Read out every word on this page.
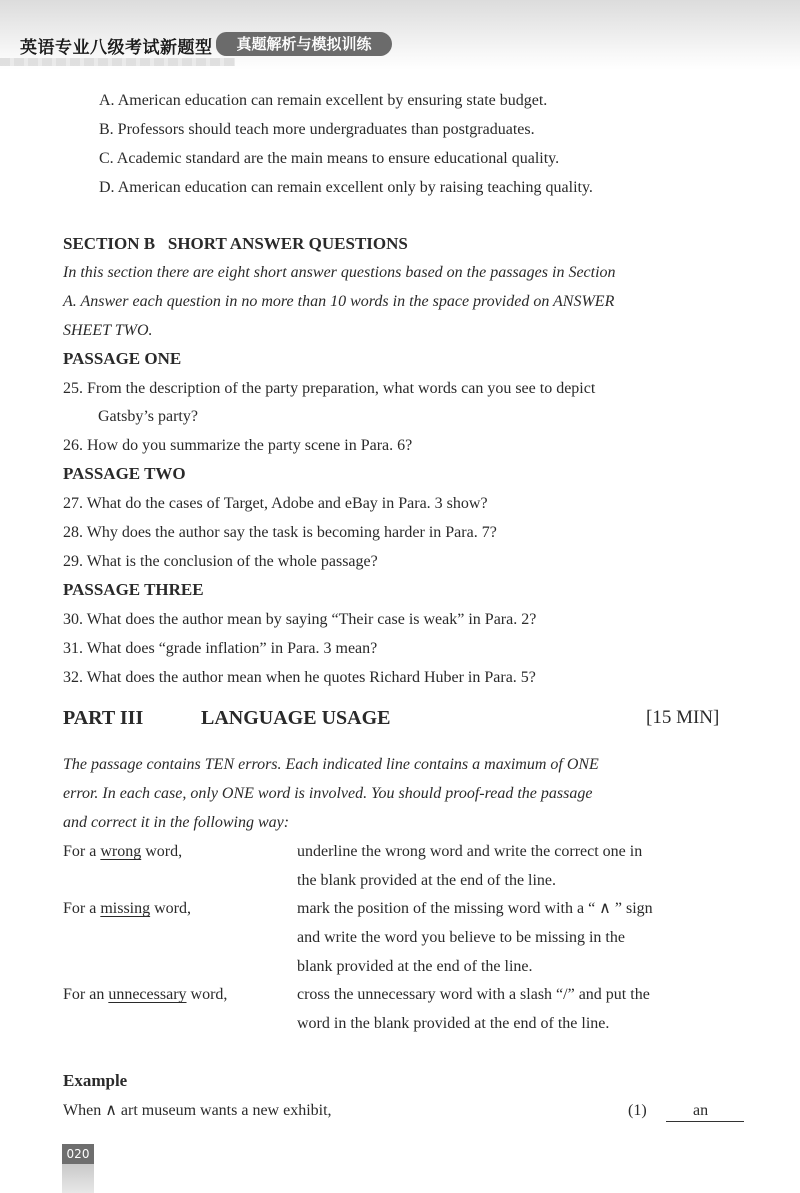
英语专业八级考试新题型	真题解析与模拟训练
A. American education can remain excellent by ensuring state budget.
B. Professors should teach more undergraduates than postgraduates.
C. Academic standard are the main means to ensure educational quality.
D. American education can remain excellent only by raising teaching quality.
SECTION B   SHORT ANSWER QUESTIONS
In this section there are eight short answer questions based on the passages in Section
A. Answer each question in no more than 10 words in the space provided on ANSWER
SHEET TWO.
PASSAGE ONE
25. From the description of the party preparation, what words can you see to depict
Gatsby’s party?
26. How do you summarize the party scene in Para. 6?
PASSAGE TWO
27. What do the cases of Target, Adobe and eBay in Para. 3 show?
28. Why does the author say the task is becoming harder in Para. 7?
29. What is the conclusion of the whole passage?
PASSAGE THREE
30. What does the author mean by saying “Their case is weak” in Para. 2?
31. What does “grade inflation” in Para. 3 mean?
32. What does the author mean when he quotes Richard Huber in Para. 5?
PART III	LANGUAGE USAGE	[15 MIN]
The passage contains TEN errors. Each indicated line contains a maximum of ONE
error. In each case, only ONE word is involved. You should proof-read the passage
and correct it in the following way:
For a wrong word,	underline the wrong word and write the correct one in
the blank provided at the end of the line.
For a missing word,	mark the position of the missing word with a “ ∧ ” sign
and write the word you believe to be missing in the
blank provided at the end of the line.
For an unnecessary word,	cross the unnecessary word with a slash “/” and put the
word in the blank provided at the end of the line.
Example
When ∧ art museum wants a new exhibit,	(1)	an
020
